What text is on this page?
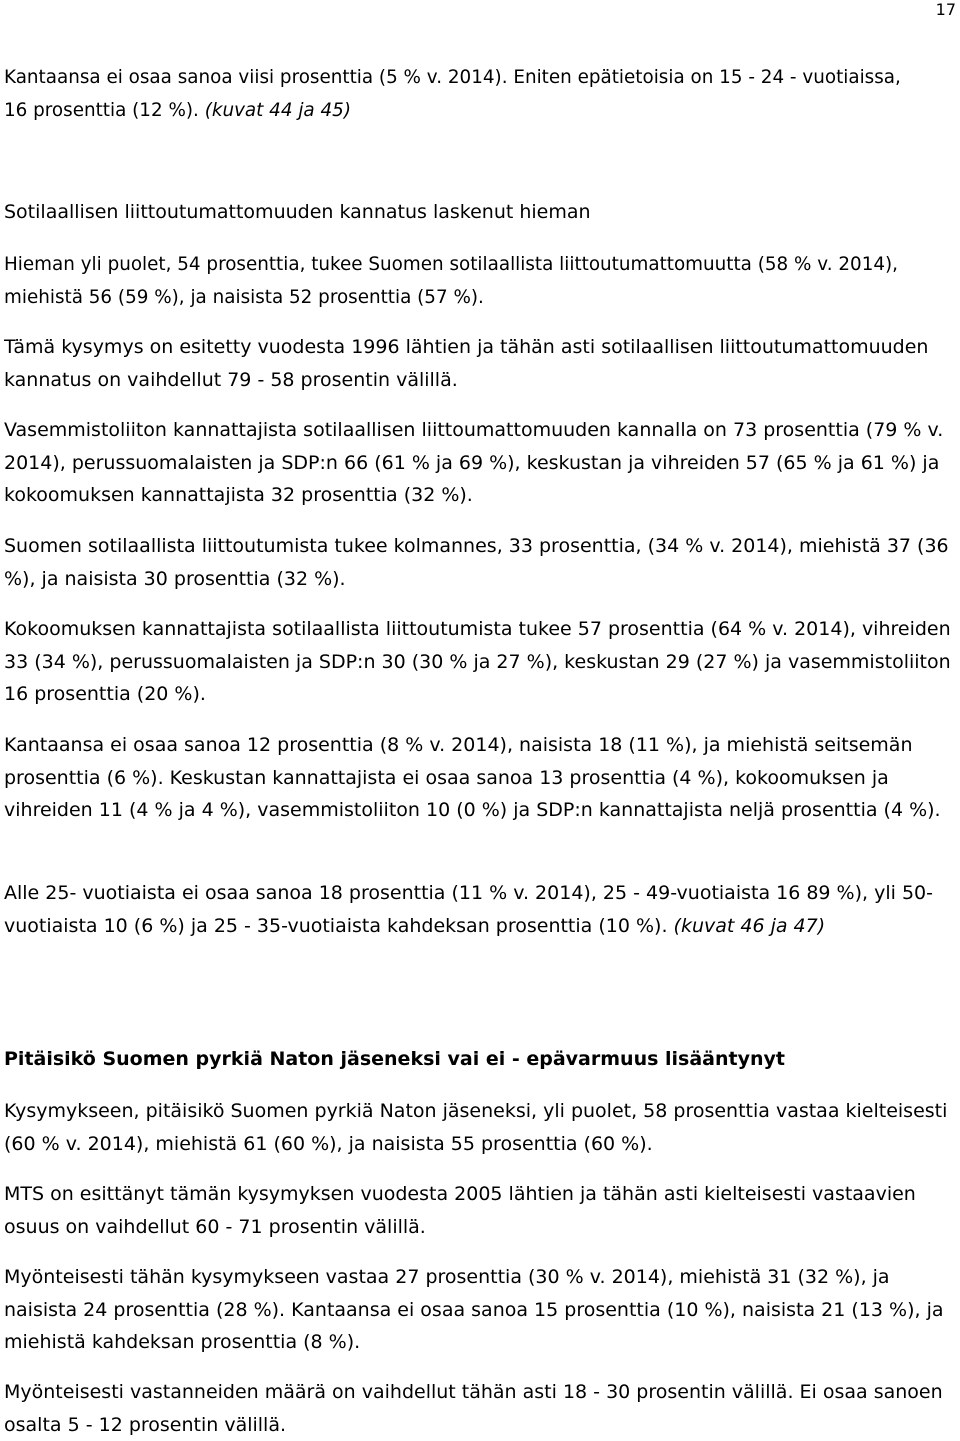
17

Kantaansa ei osaa sanoa viisi prosenttia (5 % v. 2014). Eniten epätietoisia on 15 - 24 - vuotiaissa, 16 prosenttia (12 %). (kuvat 44 ja 45)

Sotilaallisen liittoutumattomuuden kannatus laskenut hieman

Hieman yli puolet, 54 prosenttia, tukee Suomen sotilaallista liittoutumattomuutta (58 % v. 2014), miehistä 56 (59 %), ja naisista 52 prosenttia (57 %).

Tämä kysymys on esitetty vuodesta 1996 lähtien ja tähän asti sotilaallisen liittoutumattomuuden kannatus on vaihdellut 79 - 58 prosentin välillä.

Vasemmistoliiton kannattajista sotilaallisen liittoumattomuuden kannalla on 73 prosenttia (79 % v. 2014), perussuomalaisten ja SDP:n 66 (61 % ja 69 %), keskustan ja vihreiden 57 (65 % ja 61 %) ja kokoomuksen kannattajista 32 prosenttia (32 %).

Suomen sotilaallista liittoutumista tukee kolmannes, 33 prosenttia, (34 % v. 2014), miehistä 37 (36 %), ja naisista 30 prosenttia (32 %).

Kokoomuksen kannattajista sotilaallista liittoutumista tukee 57 prosenttia (64 % v. 2014), vihreiden 33 (34 %), perussuomalaisten ja SDP:n 30 (30 % ja 27 %), keskustan 29 (27 %) ja vasemmistoliiton 16 prosenttia (20 %).

Kantaansa ei osaa sanoa 12 prosenttia (8 % v. 2014), naisista 18 (11 %), ja miehistä seitsemän prosenttia (6 %). Keskustan kannattajista ei osaa sanoa 13 prosenttia (4 %), kokoomuksen ja vihreiden 11 (4 % ja 4 %), vasemmistoliiton 10 (0 %) ja SDP:n kannattajista neljä prosenttia (4 %).

Alle 25- vuotiaista ei osaa sanoa 18 prosenttia (11 % v. 2014), 25 - 49-vuotiaista 16 89 %), yli 50- vuotiaista 10 (6 %) ja 25 - 35-vuotiaista kahdeksan prosenttia (10 %). (kuvat 46 ja 47)

Pitäisikö Suomen pyrkiä Naton jäseneksi vai ei - epävarmuus lisääntynyt

Kysymykseen, pitäisikö Suomen pyrkiä Naton jäseneksi, yli puolet, 58 prosenttia vastaa kielteisesti (60 % v. 2014), miehistä 61 (60 %), ja naisista 55 prosenttia (60 %).

MTS on esittänyt tämän kysymyksen vuodesta 2005 lähtien ja tähän asti kielteisesti vastaavien osuus on vaihdellut 60 - 71 prosentin välillä.

Myönteisesti tähän kysymykseen vastaa 27 prosenttia (30 % v. 2014), miehistä 31 (32 %), ja naisista 24 prosenttia (28 %). Kantaansa ei osaa sanoa 15 prosenttia (10 %), naisista 21 (13 %), ja miehistä kahdeksan prosenttia (8 %).

Myönteisesti vastanneiden määrä on vaihdellut tähän asti 18 - 30 prosentin välillä. Ei osaa sanoen osalta 5 - 12 prosentin välillä.
